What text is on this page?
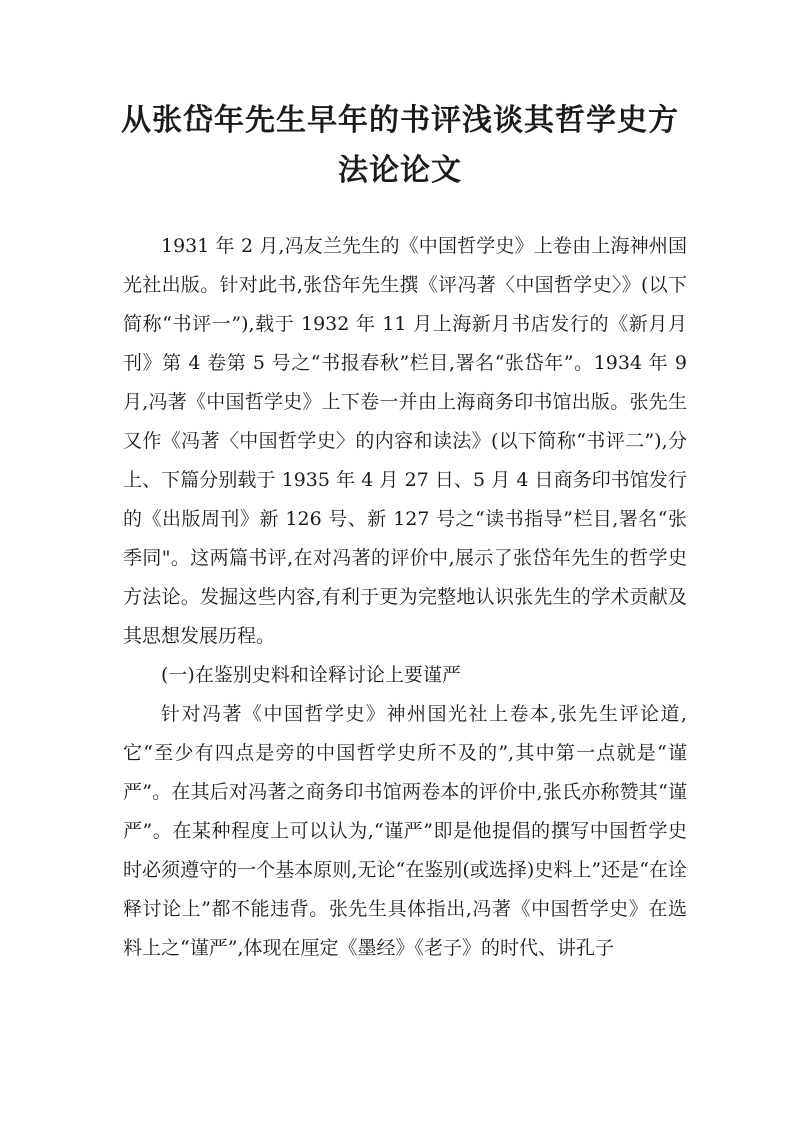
从张岱年先生早年的书评浅谈其哲学史方法论论文

1931 年 2 月,冯友兰先生的《中国哲学史》上卷由上海神州国光社出版。针对此书,张岱年先生撰《评冯著〈中国哲学史〉》(以下简称“书评一”),载于 1932 年 11 月上海新月书店发行的《新月月刊》第 4 卷第 5 号之“书报春秋”栏目,署名“张岱年”。1934 年 9 月,冯著《中国哲学史》上下卷一并由上海商务印书馆出版。张先生又作《冯著〈中国哲学史〉的内容和读法》(以下简称“书评二”),分上、下篇分别载于 1935 年 4 月 27 日、5 月 4 日商务印书馆发行的《出版周刊》新 126 号、新 127 号之“读书指导”栏目,署名“张季同"。这两篇书评,在对冯著的评价中,展示了张岱年先生的哲学史方法论。发掘这些内容,有利于更为完整地认识张先生的学术贡献及其思想发展历程。

(一)在鉴别史料和诠释讨论上要谨严

针对冯著《中国哲学史》神州国光社上卷本,张先生评论道,它“至少有四点是旁的中国哲学史所不及的”,其中第一点就是“谨严”。在其后对冯著之商务印书馆两卷本的评价中,张氏亦称赞其“谨严”。在某种程度上可以认为,“谨严”即是他提倡的撰写中国哲学史时必须遵守的一个基本原则,无论“在鉴别(或选择)史料上”还是“在诠释讨论上”都不能违背。张先生具体指出,冯著《中国哲学史》在选料上之“谨严”,体现在厘定《墨经》《老子》的时代、讲孔子
